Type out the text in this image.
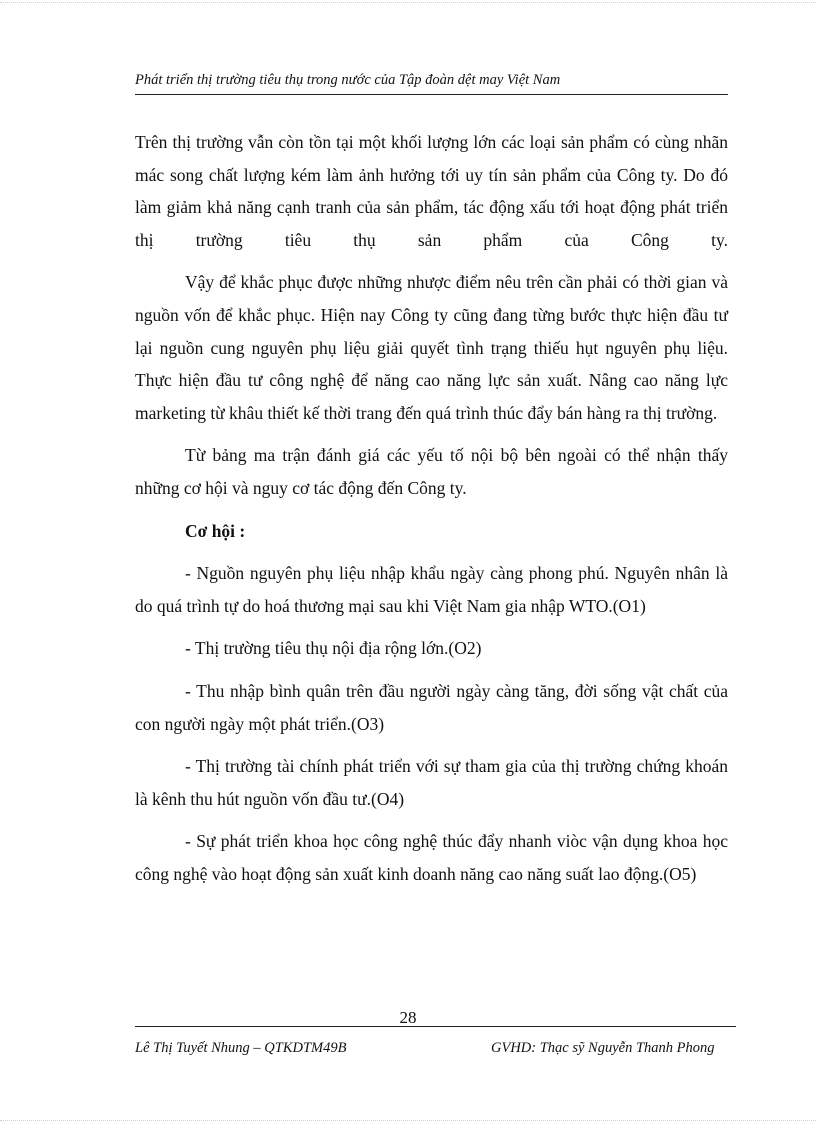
Phát triển thị trường tiêu thụ trong nước của Tập đoàn dệt may Việt Nam

Trên thị trường vẫn còn tồn tại một khối lượng lớn các loại sản phẩm có cùng nhãn mác song chất lượng kém làm ảnh hưởng tới uy tín sản phẩm của Công ty. Do đó làm giảm khả năng cạnh tranh của sản phẩm, tác động xấu tới hoạt động phát triển thị trường tiêu thụ sản phẩm của Công ty.

Vậy để khắc phục được những nhược điểm nêu trên cần phải có thời gian và nguồn vốn để khắc phục. Hiện nay Công ty cũng đang từng bước thực hiện đầu tư lại nguồn cung nguyên phụ liệu giải quyết tình trạng thiếu hụt nguyên phụ liệu. Thực hiện đầu tư công nghệ để năng cao năng lực sản xuất. Nâng cao năng lực marketing từ khâu thiết kế thời trang đến quá trình thúc đẩy bán hàng ra thị trường.

Từ bảng ma trận đánh giá các yếu tố nội bộ bên ngoài có thể nhận thấy những cơ hội và nguy cơ tác động đến Công ty.

Cơ hội :

- Nguồn nguyên phụ liệu nhập khẩu ngày càng phong phú. Nguyên nhân là do quá trình tự do hoá thương mại sau khi Việt Nam gia nhập WTO.(O1)

- Thị trường tiêu thụ nội địa rộng lớn.(O2)

- Thu nhập bình quân trên đầu người ngày càng tăng, đời sống vật chất của con người ngày một phát triển.(O3)

- Thị trường tài chính phát triển với sự tham gia của thị trường chứng khoán là kênh thu hút nguồn vốn đầu tư.(O4)

- Sự phát triển khoa học công nghệ thúc đẩy nhanh viòc vận dụng khoa học công nghệ vào hoạt động sản xuất kinh doanh năng cao năng suất lao động.(O5)

28
Lê Thị Tuyết Nhung – QTKDTM49B	GVHD: Thạc sỹ Nguyễn Thanh Phong
